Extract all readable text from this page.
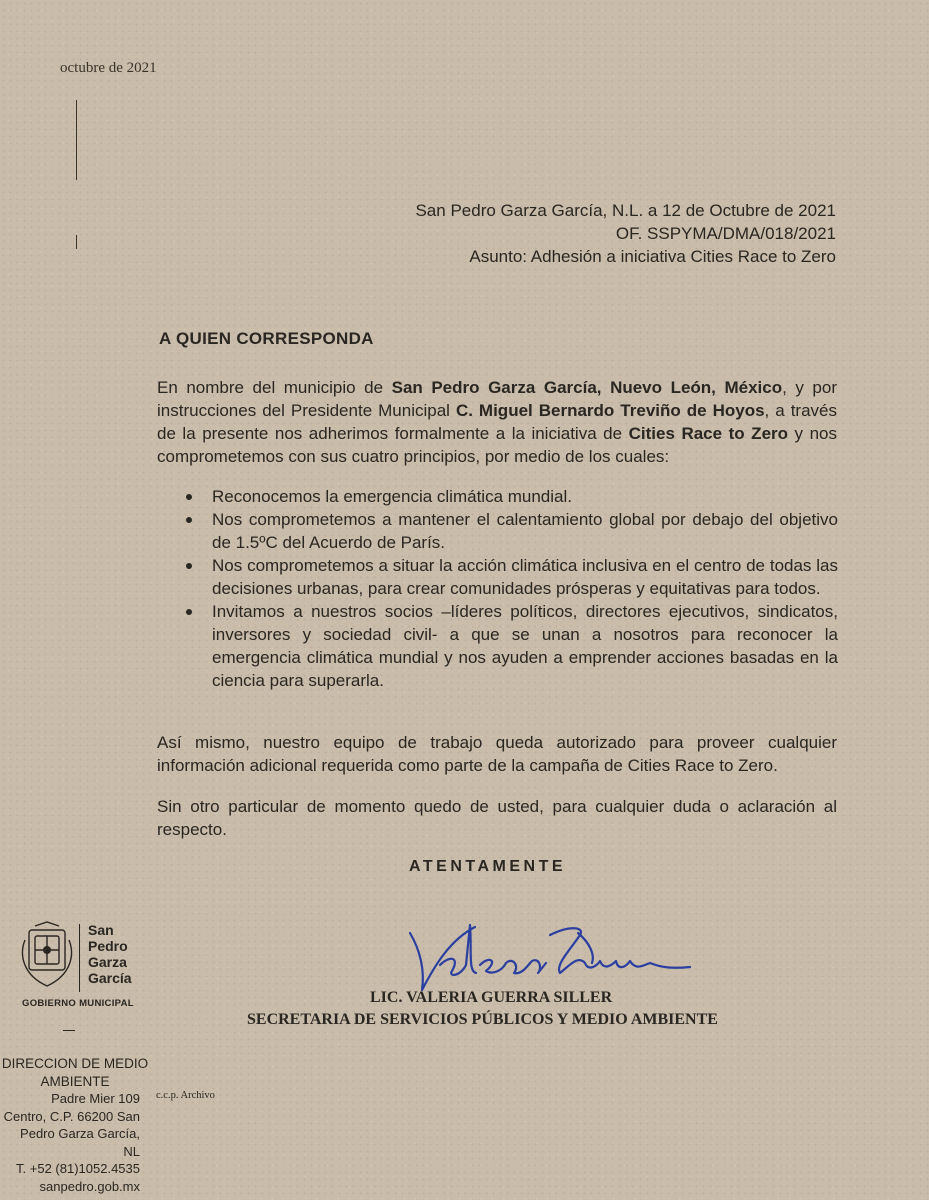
octubre de 2021
San Pedro Garza García, N.L. a 12 de Octubre de 2021
OF. SSPYMA/DMA/018/2021
Asunto: Adhesión a iniciativa Cities Race to Zero
A QUIEN CORRESPONDA
En nombre del municipio de San Pedro Garza García, Nuevo León, México, y por instrucciones del Presidente Municipal C. Miguel Bernardo Treviño de Hoyos, a través de la presente nos adherimos formalmente a la iniciativa de Cities Race to Zero y nos comprometemos con sus cuatro principios, por medio de los cuales:
Reconocemos la emergencia climática mundial.
Nos comprometemos a mantener el calentamiento global por debajo del objetivo de 1.5ºC del Acuerdo de París.
Nos comprometemos a situar la acción climática inclusiva en el centro de todas las decisiones urbanas, para crear comunidades prósperas y equitativas para todos.
Invitamos a nuestros socios –líderes políticos, directores ejecutivos, sindicatos, inversores y sociedad civil- a que se unan a nosotros para reconocer la emergencia climática mundial y nos ayuden a emprender acciones basadas en la ciencia para superarla.
Así mismo, nuestro equipo de trabajo queda autorizado para proveer cualquier información adicional requerida como parte de la campaña de Cities Race to Zero.
Sin otro particular de momento quedo de usted, para cualquier duda o aclaración al respecto.
ATENTAMENTE
LIC. VALERIA GUERRA SILLER
SECRETARIA DE SERVICIOS PÚBLICOS Y MEDIO AMBIENTE
San
Pedro
Garza
García
GOBIERNO MUNICIPAL
DIRECCION DE MEDIO
AMBIENTE
Padre Mier 109
Centro, C.P. 66200 San
Pedro Garza García, NL
T. +52 (81)1052.4535
sanpedro.gob.mx
c.c.p. Archivo
